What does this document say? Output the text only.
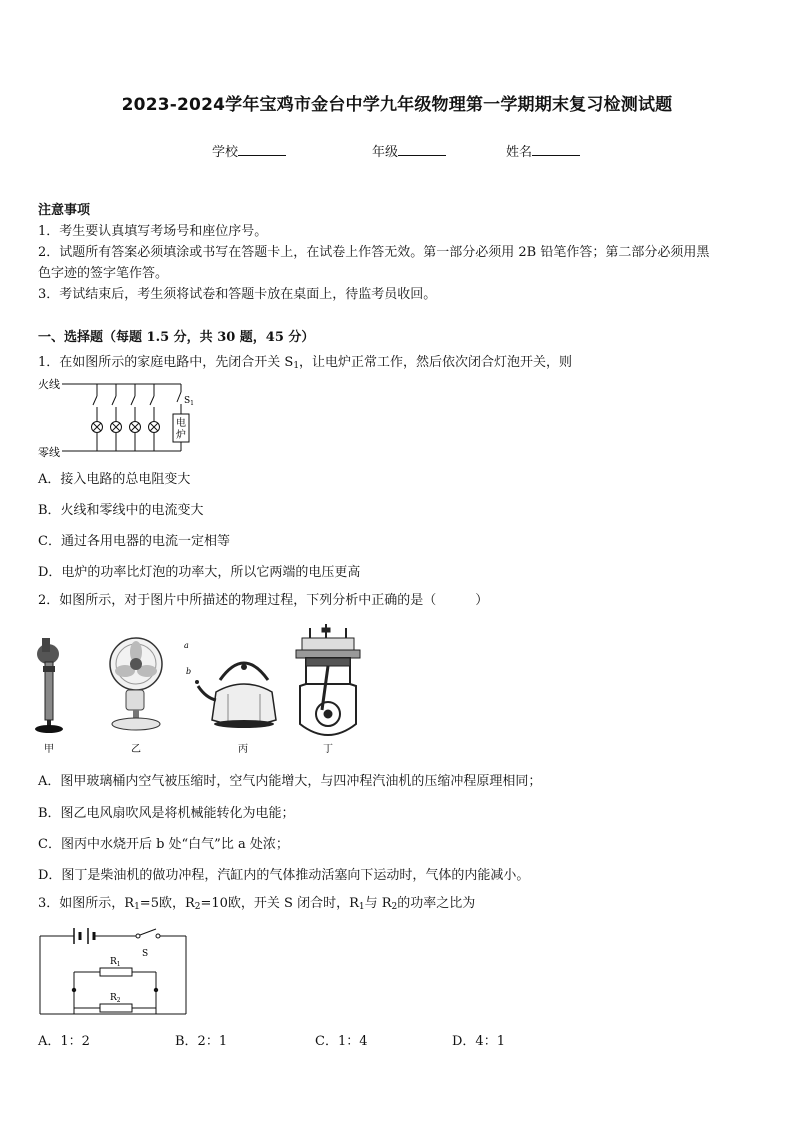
2023-2024学年宝鸡市金台中学九年级物理第一学期期末复习检测试题
学校	年级	姓名
注意事项
1．考生要认真填写考场号和座位序号。
2．试题所有答案必须填涂或书写在答题卡上，在试卷上作答无效。第一部分必须用 2B 铅笔作答；第二部分必须用黑
色字迹的签字笔作答。
3．考试结束后，考生须将试卷和答题卡放在桌面上，待监考员收回。
一、选择题（每题 1.5 分，共 30 题，45 分）
1．在如图所示的家庭电路中，先闭合开关 $S_1$，让电炉正常工作，然后依次闭合灯泡开关，则
火线
零线
$S_1$
电
炉
A．接入电路的总电阻变大
B．火线和零线中的电流变大
C．通过各用电器的电流一定相等
D．电炉的功率比灯泡的功率大，所以它两端的电压更高
2．如图所示，对于图片中所描述的物理过程，下列分析中正确的是（　　　）
甲	乙
a
b
丙	丁
A．图甲玻璃桶内空气被压缩时，空气内能增大，与四冲程汽油机的压缩冲程原理相同；
B．图乙电风扇吹风是将机械能转化为电能；
C．图丙中水烧开后 b 处“白气”比 a 处浓；
D．图丁是柴油机的做功冲程，汽缸内的气体推动活塞向下运动时，气体的内能减小。
3．如图所示，$R_1=5$欧，$R_2=10$欧，开关 S 闭合时，$R_1$与 $R_2$的功率之比为
S
$R_1$
$R_2$
A．1：2	B．2：1	C．1：4	D．4：1
